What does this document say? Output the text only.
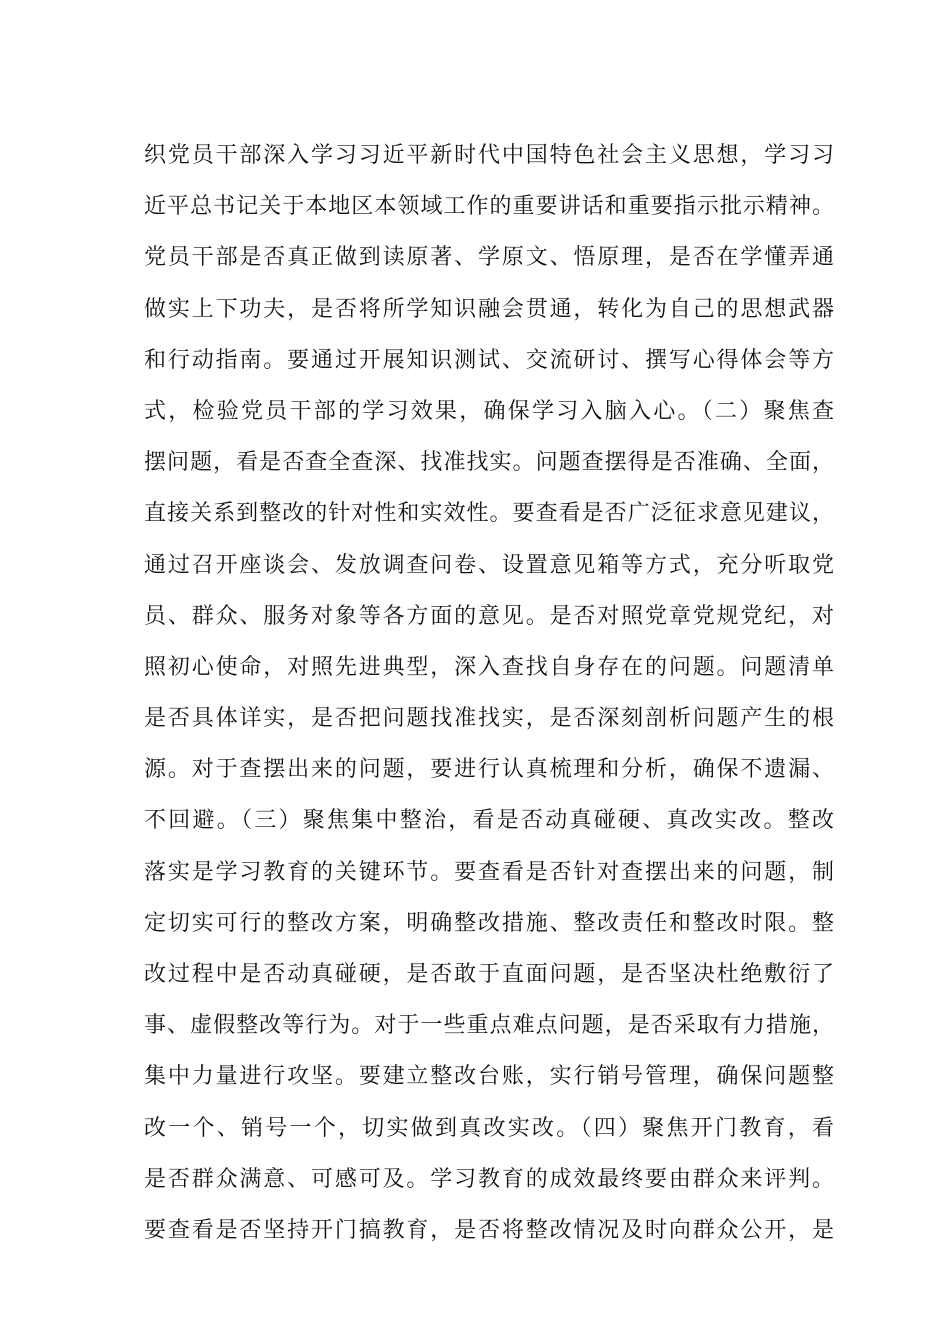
织党员干部深入学习习近平新时代中国特色社会主义思想，学习习
近平总书记关于本地区本领域工作的重要讲话和重要指示批示精神。
党员干部是否真正做到读原著、学原文、悟原理，是否在学懂弄通
做实上下功夫，是否将所学知识融会贯通，转化为自己的思想武器
和行动指南。要通过开展知识测试、交流研讨、撰写心得体会等方
式，检验党员干部的学习效果，确保学习入脑入心。（二）聚焦查
摆问题，看是否查全查深、找准找实。问题查摆得是否准确、全面，
直接关系到整改的针对性和实效性。要查看是否广泛征求意见建议，
通过召开座谈会、发放调查问卷、设置意见箱等方式，充分听取党
员、群众、服务对象等各方面的意见。是否对照党章党规党纪，对
照初心使命，对照先进典型，深入查找自身存在的问题。问题清单
是否具体详实，是否把问题找准找实，是否深刻剖析问题产生的根
源。对于查摆出来的问题，要进行认真梳理和分析，确保不遗漏、
不回避。（三）聚焦集中整治，看是否动真碰硬、真改实改。整改
落实是学习教育的关键环节。要查看是否针对查摆出来的问题，制
定切实可行的整改方案，明确整改措施、整改责任和整改时限。整
改过程中是否动真碰硬，是否敢于直面问题，是否坚决杜绝敷衍了
事、虚假整改等行为。对于一些重点难点问题，是否采取有力措施，
集中力量进行攻坚。要建立整改台账，实行销号管理，确保问题整
改一个、销号一个，切实做到真改实改。（四）聚焦开门教育，看
是否群众满意、可感可及。学习教育的成效最终要由群众来评判。
要查看是否坚持开门搞教育，是否将整改情况及时向群众公开，是
